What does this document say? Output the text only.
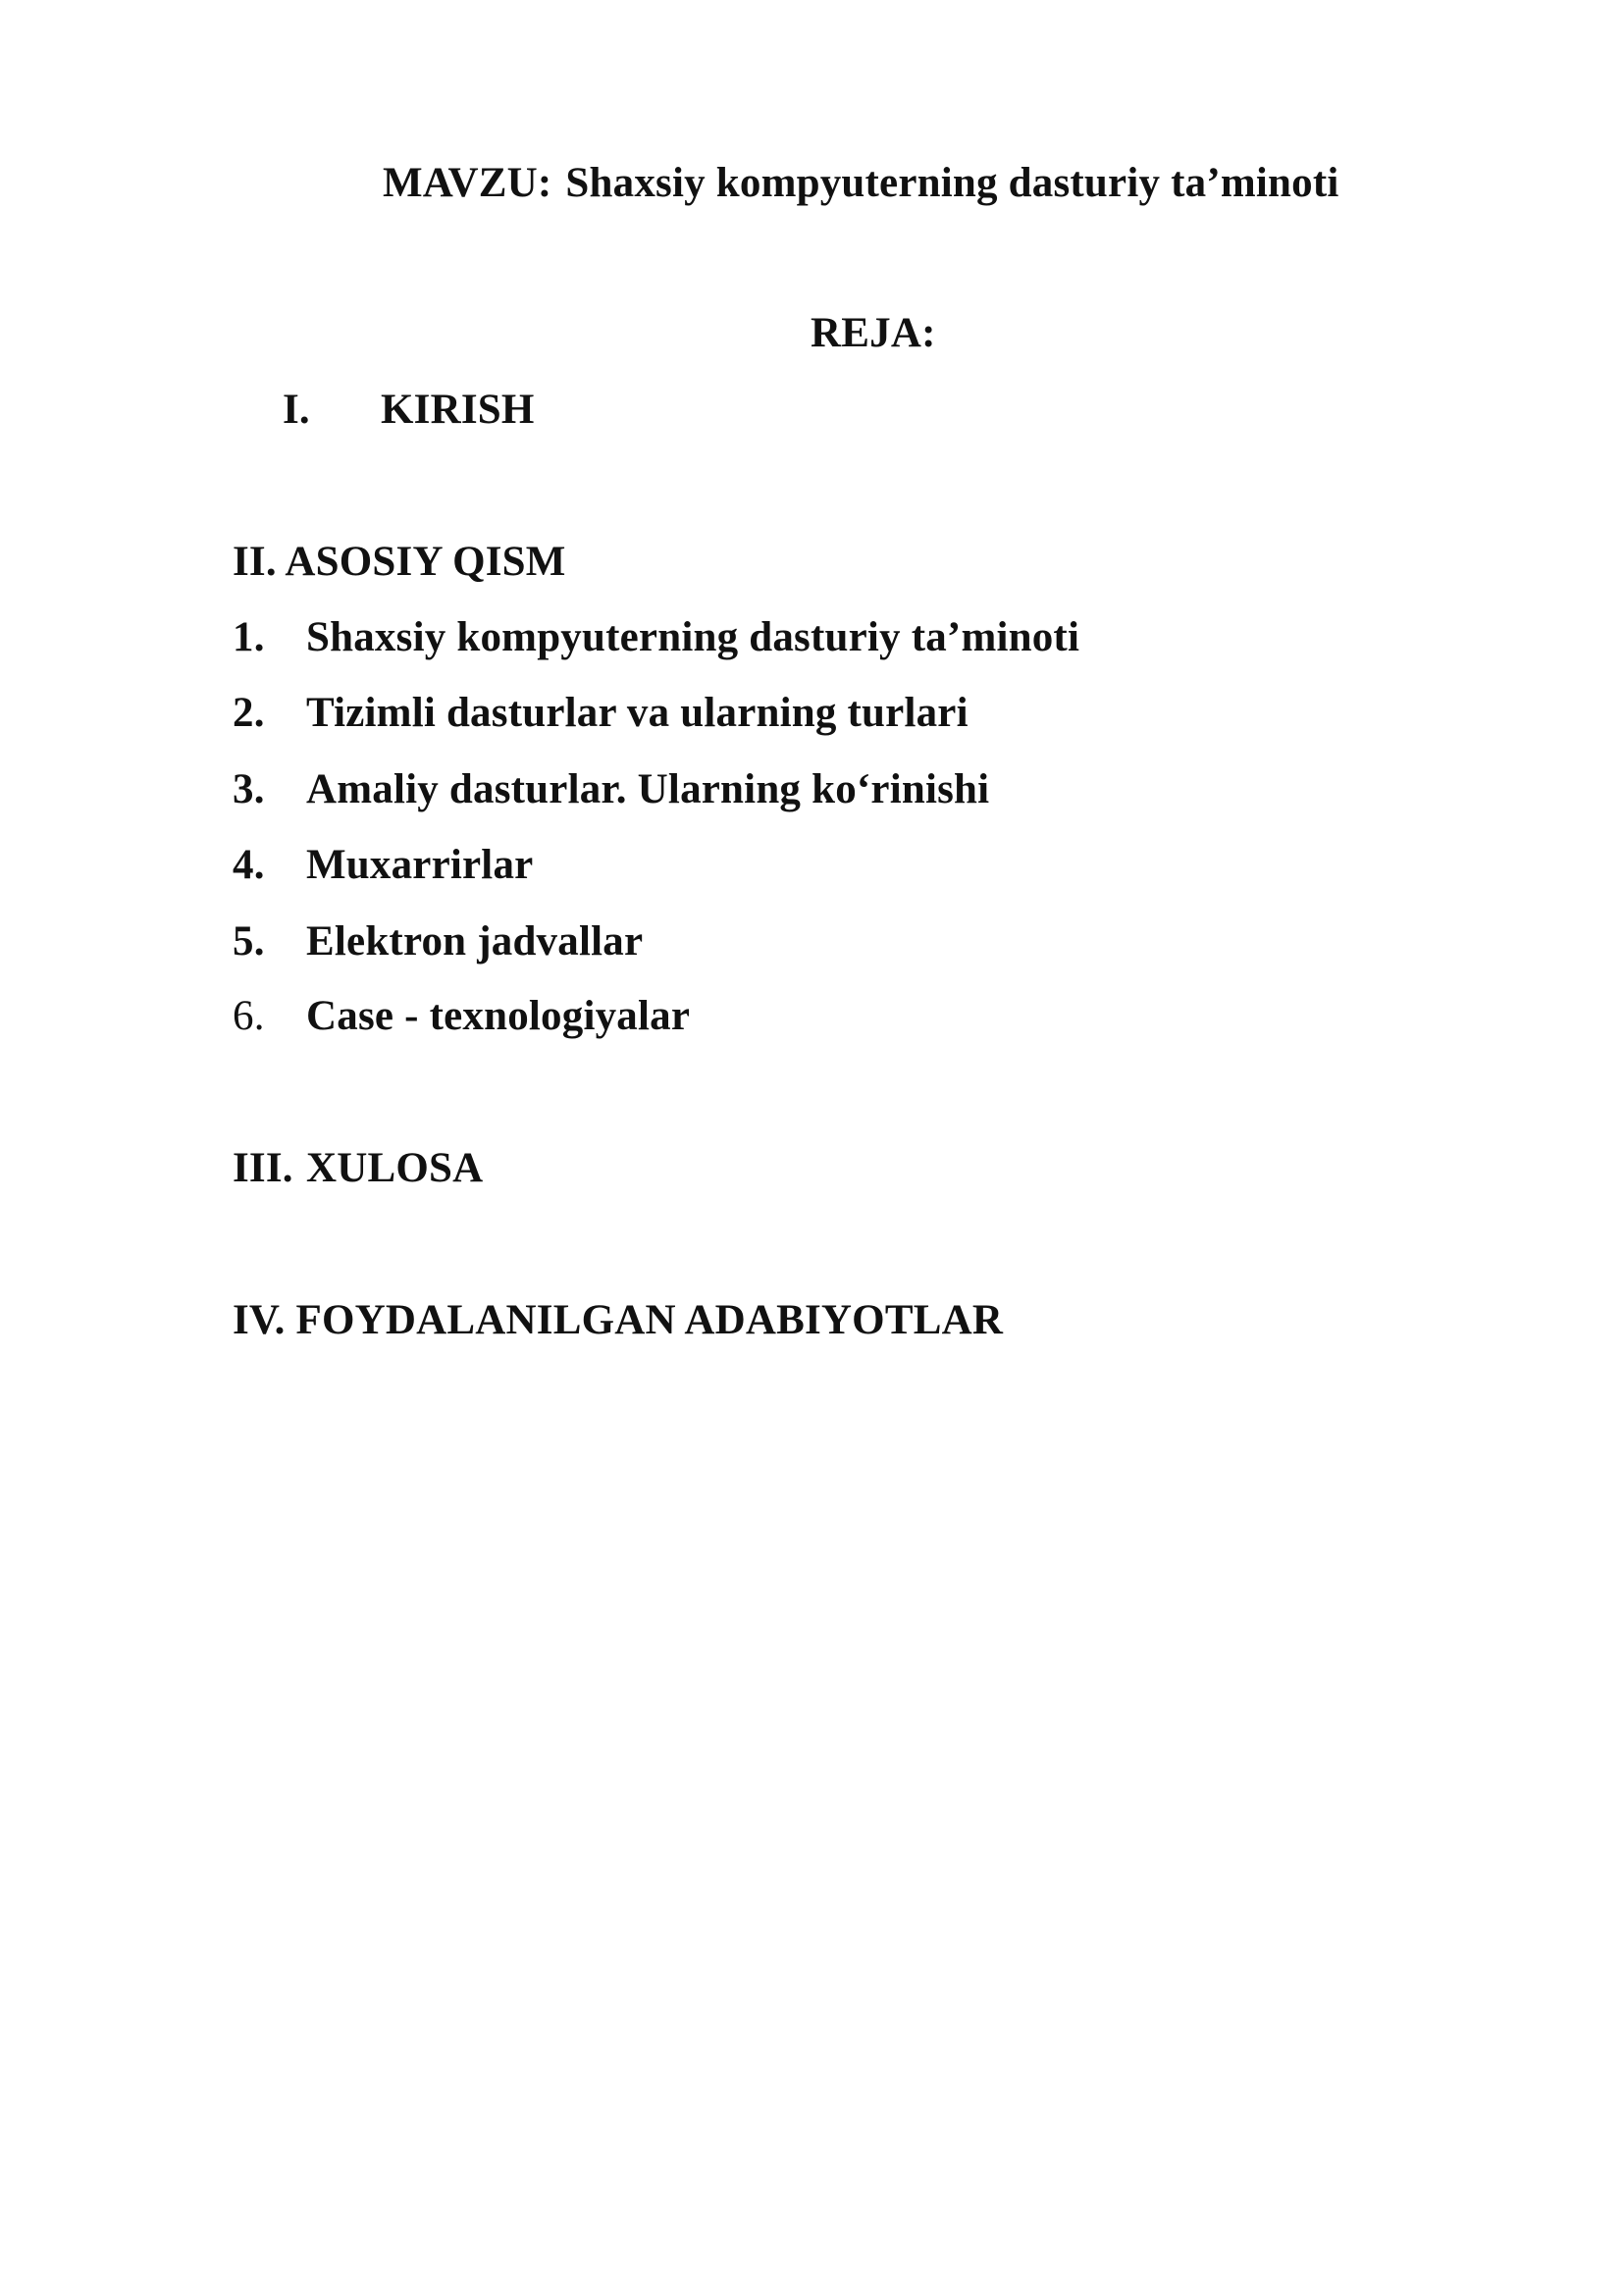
MAVZU: Shaxsiy kompyuterning dasturiy ta’minoti
REJA:
I. KIRISH
II. ASOSIY QISM
1. Shaxsiy kompyuterning dasturiy ta’minoti
2. Tizimli dasturlar va ularning turlari
3. Amaliy dasturlar. Ularning ko‘rinishi
4. Muxarrirlar
5. Elektron jadvallar
6. Case - texnologiyalar
III. XULOSA
IV. FOYDALANILGAN ADABIYOTLAR
